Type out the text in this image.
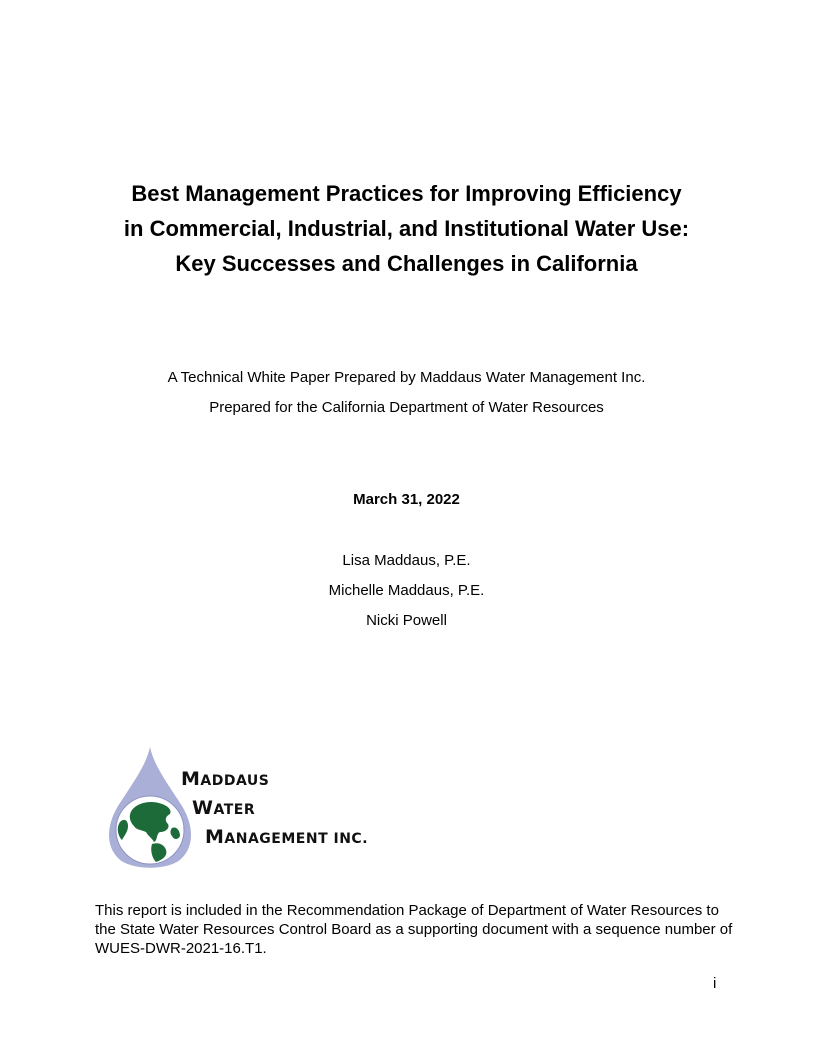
Best Management Practices for Improving Efficiency
in Commercial, Industrial, and Institutional Water Use:
Key Successes and Challenges in California
A Technical White Paper Prepared by Maddaus Water Management Inc.
Prepared for the California Department of Water Resources
March 31, 2022
Lisa Maddaus, P.E.
Michelle Maddaus, P.E.
Nicki Powell
MADDAUS
WATER
MANAGEMENT INC.
This report is included in the Recommendation Package of Department of Water Resources to the State Water Resources Control Board as a supporting document with a sequence number of WUES-DWR-2021-16.T1.
i
